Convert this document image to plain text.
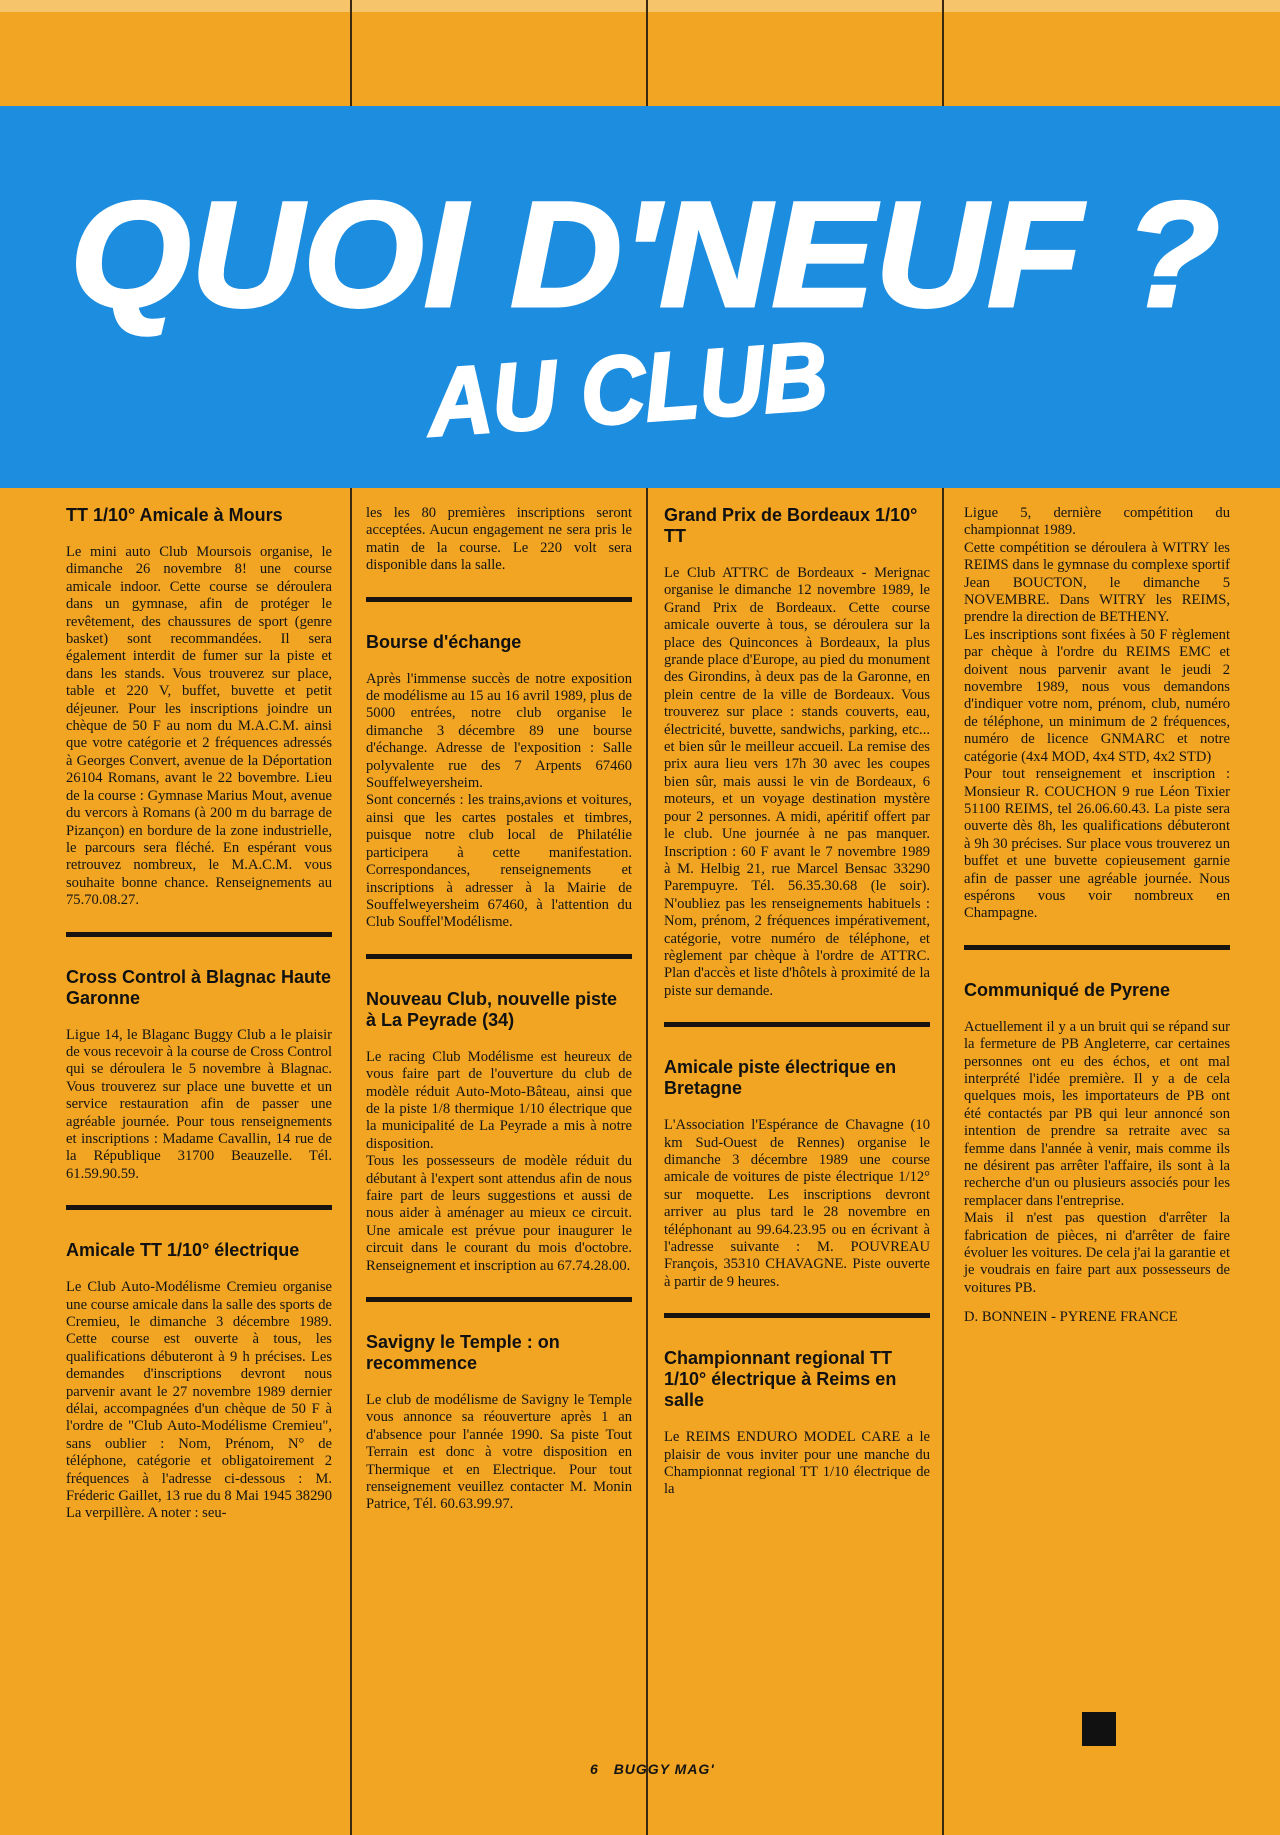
QUOI D'NEUF ?
AU CLUB
TT 1/10° Amicale à Mours

Le mini auto Club Moursois organise, le dimanche 26 novembre 8! une course amicale indoor. Cette course se déroulera dans un gymnase, afin de protéger le revêtement, des chaussures de sport (genre basket) sont recommandées. Il sera également interdit de fumer sur la piste et dans les stands. Vous trouverez sur place, table et 220 V, buffet, buvette et petit déjeuner. Pour les inscriptions joindre un chèque de 50 F au nom du M.A.C.M. ainsi que votre catégorie et 2 fréquences adressés à Georges Convert, avenue de la Déportation 26104 Romans, avant le 22 bovembre. Lieu de la course : Gymnase Marius Mout, avenue du vercors à Romans (à 200 m du barrage de Pizançon) en bordure de la zone industrielle, le parcours sera fléché. En espérant vous retrouvez nombreux, le M.A.C.M. vous souhaite bonne chance. Renseignements au 75.70.08.27.

Cross Control à Blagnac Haute Garonne

Ligue 14, le Blaganc Buggy Club a le plaisir de vous recevoir à la course de Cross Control qui se déroulera le 5 novembre à Blagnac. Vous trouverez sur place une buvette et un service restauration afin de passer une agréable journée. Pour tous renseignements et inscriptions : Madame Cavallin, 14 rue de la République 31700 Beauzelle. Tél. 61.59.90.59.

Amicale TT 1/10° électrique

Le Club Auto-Modélisme Cremieu organise une course amicale dans la salle des sports de Cremieu, le dimanche 3 décembre 1989. Cette course est ouverte à tous, les qualifications débuteront à 9 h précises. Les demandes d'inscriptions devront nous parvenir avant le 27 novembre 1989 dernier délai, accompagnées d'un chèque de 50 F à l'ordre de "Club Auto-Modélisme Cremieu", sans oublier : Nom, Prénom, N° de téléphone, catégorie et obligatoirement 2 fréquences à l'adresse ci-dessous : M. Fréderic Gaillet, 13 rue du 8 Mai 1945 38290 La verpillère. A noter : seu-

les les 80 premières inscriptions seront acceptées. Aucun engagement ne sera pris le matin de la course. Le 220 volt sera disponible dans la salle.

Bourse d'échange

Après l'immense succès de notre exposition de modélisme au 15 au 16 avril 1989, plus de 5000 entrées, notre club organise le dimanche 3 décembre 89 une bourse d'échange. Adresse de l'exposition : Salle polyvalente rue des 7 Arpents 67460 Souffelweyersheim.

Sont concernés : les trains,avions et voitures, ainsi que les cartes postales et timbres, puisque notre club local de Philatélie participera à cette manifestation. Correspondances, renseignements et inscriptions à adresser à la Mairie de Souffelweyersheim 67460, à l'attention du Club Souffel'Modélisme.

Nouveau Club, nouvelle piste à La Peyrade (34)

Le racing Club Modélisme est heureux de vous faire part de l'ouverture du club de modèle réduit Auto-Moto-Bâteau, ainsi que de la piste 1/8 thermique 1/10 électrique que la municipalité de La Peyrade a mis à notre disposition.

Tous les possesseurs de modèle réduit du débutant à l'expert sont attendus afin de nous faire part de leurs suggestions et aussi de nous aider à aménager au mieux ce circuit. Une amicale est prévue pour inaugurer le circuit dans le courant du mois d'octobre. Renseignement et inscription au 67.74.28.00.

Savigny le Temple : on recommence

Le club de modélisme de Savigny le Temple vous annonce sa réouverture après 1 an d'absence pour l'année 1990. Sa piste Tout Terrain est donc à votre disposition en Thermique et en Electrique. Pour tout renseignement veuillez contacter M. Monin Patrice, Tél. 60.63.99.97.

Grand Prix de Bordeaux 1/10° TT

Le Club ATTRC de Bordeaux - Merignac organise le dimanche 12 novembre 1989, le Grand Prix de Bordeaux. Cette course amicale ouverte à tous, se déroulera sur la place des Quinconces à Bordeaux, la plus grande place d'Europe, au pied du monument des Girondins, à deux pas de la Garonne, en plein centre de la ville de Bordeaux. Vous trouverez sur place : stands couverts, eau, électricité, buvette, sandwichs, parking, etc... et bien sûr le meilleur accueil. La remise des prix aura lieu vers 17h 30 avec les coupes bien sûr, mais aussi le vin de Bordeaux, 6 moteurs, et un voyage destination mystère pour 2 personnes. A midi, apéritif offert par le club. Une journée à ne pas manquer. Inscription : 60 F avant le 7 novembre 1989 à M. Helbig 21, rue Marcel Bensac 33290 Parempuyre. Tél. 56.35.30.68 (le soir). N'oubliez pas les renseignements habituels : Nom, prénom, 2 fréquences impérativement, catégorie, votre numéro de téléphone, et règlement par chèque à l'ordre de ATTRC. Plan d'accès et liste d'hôtels à proximité de la piste sur demande.

Amicale piste électrique en Bretagne

L'Association l'Espérance de Chavagne (10 km Sud-Ouest de Rennes) organise le dimanche 3 décembre 1989 une course amicale de voitures de piste électrique 1/12° sur moquette. Les inscriptions devront arriver au plus tard le 28 novembre en téléphonant au 99.64.23.95 ou en écrivant à l'adresse suivante : M. POUVREAU François, 35310 CHAVAGNE. Piste ouverte à partir de 9 heures.

Championnant regional TT 1/10° électrique à Reims en salle

Le REIMS ENDURO MODEL CARE a le plaisir de vous inviter pour une manche du Championnat regional TT 1/10 électrique de la

Ligue 5, dernière compétition du championnat 1989.

Cette compétition se déroulera à WITRY les REIMS dans le gymnase du complexe sportif Jean BOUCTON, le dimanche 5 NOVEMBRE. Dans WITRY les REIMS, prendre la direction de BETHENY.

Les inscriptions sont fixées à 50 F règlement par chèque à l'ordre du REIMS EMC et doivent nous parvenir avant le jeudi 2 novembre 1989, nous vous demandons d'indiquer votre nom, prénom, club, numéro de téléphone, un minimum de 2 fréquences, numéro de licence GNMARC et notre catégorie (4x4 MOD, 4x4 STD, 4x2 STD)

Pour tout renseignement et inscription : Monsieur R. COUCHON 9 rue Léon Tixier 51100 REIMS, tel 26.06.60.43. La piste sera ouverte dès 8h, les qualifications débuteront à 9h 30 précises. Sur place vous trouverez un buffet et une buvette copieusement garnie afin de passer une agréable journée. Nous espérons vous voir nombreux en Champagne.

Communiqué de Pyrene

Actuellement il y a un bruit qui se répand sur la fermeture de PB Angleterre, car certaines personnes ont eu des échos, et ont mal interprété l'idée première. Il y a de cela quelques mois, les importateurs de PB ont été contactés par PB qui leur annoncé son intention de prendre sa retraite avec sa femme dans l'année à venir, mais comme ils ne désirent pas arrêter l'affaire, ils sont à la recherche d'un ou plusieurs associés pour les remplacer dans l'entreprise.

Mais il n'est pas question d'arrêter la fabrication de pièces, ni d'arrêter de faire évoluer les voitures. De cela j'ai la garantie et je voudrais en faire part aux possesseurs de voitures PB.

D. BONNEIN - PYRENE FRANCE

6 BUGGY MAG'
